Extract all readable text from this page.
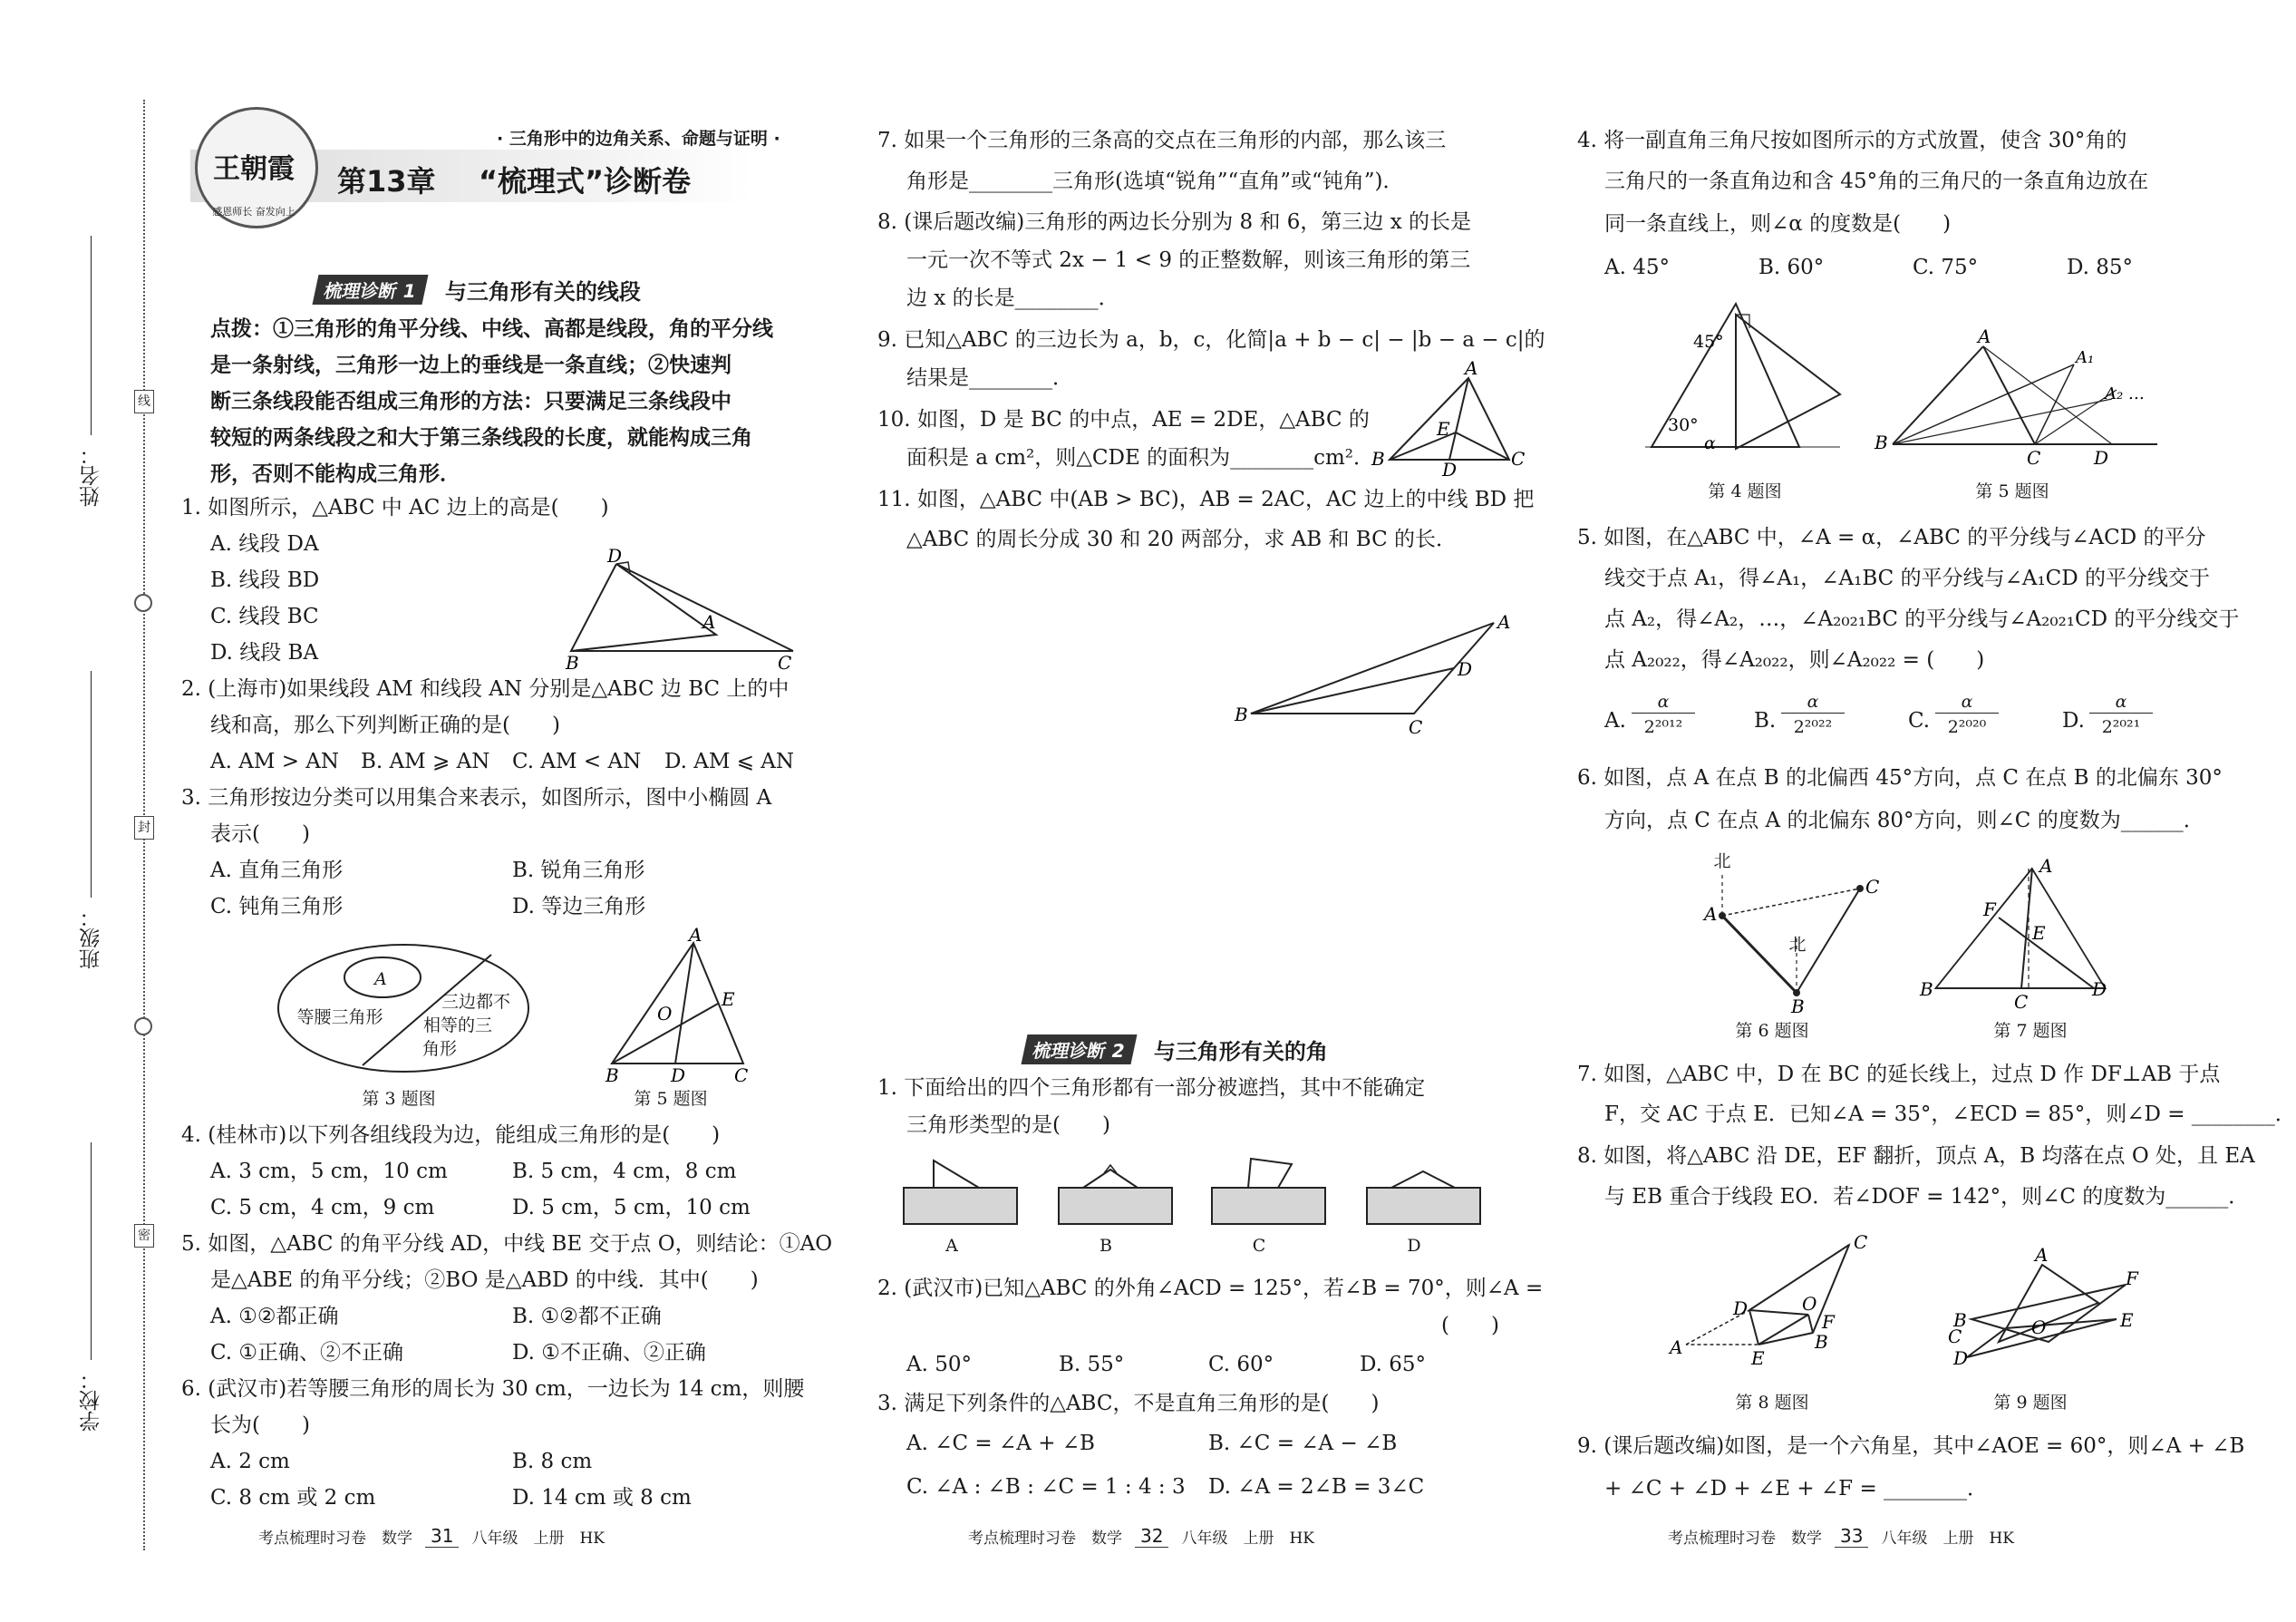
姓名：
班级：
学校：
线
封
密
王朝霞
感恩师长 奋发向上
· 三角形中的边角关系、命题与证明 ·
第13章 “梳理式”诊断卷
梳理诊断 1	与三角形有关的线段
点拨：①三角形的角平分线、中线、高都是线段，角的平分线
是一条射线，三角形一边上的垂线是一条直线；②快速判
断三条线段能否组成三角形的方法：只要满足三条线段中
较短的两条线段之和大于第三条线段的长度，就能构成三角
形，否则不能构成三角形．
1. 如图所示，△ABC 中 AC 边上的高是(　　)
A. 线段 DA
B. 线段 BD
C. 线段 BC
D. 线段 BA
D
A
B	C
2. (上海市)如果线段 AM 和线段 AN 分别是△ABC 边 BC 上的中
线和高，那么下列判断正确的是(　　)
A. AM > AN B. AM ⩾ AN C. AM < AN D. AM ⩽ AN
3. 三角形按边分类可以用集合来表示，如图所示，图中小椭圆 A
表示(　　)
A. 直角三角形	B. 锐角三角形
C. 钝角三角形	D. 等边三角形
A
等腰三角形
三边都不
相等的三
角形
第 3 题图
A
O
E
B	D	C
第 5 题图
4. (桂林市)以下列各组线段为边，能组成三角形的是(　　)
A. 3 cm，5 cm，10 cm	B. 5 cm，4 cm，8 cm
C. 5 cm，4 cm，9 cm	D. 5 cm，5 cm，10 cm
5. 如图，△ABC 的角平分线 AD，中线 BE 交于点 O，则结论：①AO
是△ABE 的角平分线；②BO 是△ABD 的中线．其中(　　)
A. ①②都正确	B. ①②都不正确
C. ①正确、②不正确	D. ①不正确、②正确
6. (武汉市)若等腰三角形的周长为 30 cm，一边长为 14 cm，则腰
长为(　　)
A. 2 cm	B. 8 cm
C. 8 cm 或 2 cm	D. 14 cm 或 8 cm
考点梳理时习卷　数学	31	八年级　上册　HK
7. 如果一个三角形的三条高的交点在三角形的内部，那么该三
角形是________三角形(选填“锐角”“直角”或“钝角”)．
8. (课后题改编)三角形的两边长分别为 8 和 6，第三边 x 的长是
一元一次不等式 2x − 1 < 9 的正整数解，则该三角形的第三
边 x 的长是________．
9. 已知△ABC 的三边长为 a，b，c，化简|a + b − c| − |b − a − c|的
结果是________．
10. 如图，D 是 BC 的中点，AE = 2DE，△ABC 的
面积是 a cm²，则△CDE 的面积为________cm²．
A
E
B	D	C
11. 如图，△ABC 中(AB > BC)，AB = 2AC，AC 边上的中线 BD 把
△ABC 的周长分成 30 和 20 两部分，求 AB 和 BC 的长．
A
D
B
C
梳理诊断 2	与三角形有关的角
1. 下面给出的四个三角形都有一部分被遮挡，其中不能确定
三角形类型的是(　　)
A	B	C	D
2. (武汉市)已知△ABC 的外角∠ACD = 125°，若∠B = 70°，则∠A =
(　　)
A. 50°	B. 55°	C. 60°	D. 65°
3. 满足下列条件的△ABC，不是直角三角形的是(　　)
A. ∠C = ∠A + ∠B	B. ∠C = ∠A − ∠B
C. ∠A : ∠B : ∠C = 1 : 4 : 3 D. ∠A = 2∠B = 3∠C
考点梳理时习卷　数学	32	八年级　上册　HK
4. 将一副直角三角尺按如图所示的方式放置，使含 30°角的
三角尺的一条直角边和含 45°角的三角尺的一条直角边放在
同一条直线上，则∠α 的度数是(　　)
A. 45°	B. 60°	C. 75°	D. 85°
45°
30°
α
第 4 题图
A
A₁
A₂ …
B
C	D
第 5 题图
5. 如图，在△ABC 中，∠A = α，∠ABC 的平分线与∠ACD 的平分
线交于点 A₁，得∠A₁，∠A₁BC 的平分线与∠A₁CD 的平分线交于
点 A₂，得∠A₂，…，∠A₂₀₂₁BC 的平分线与∠A₂₀₂₁CD 的平分线交于
点 A₂₀₂₂，得∠A₂₀₂₂，则∠A₂₀₂₂ = (　　)
A.
α
2²⁰¹²	B.
α
2²⁰²²	C.
α
2²⁰²⁰	D.
α
2²⁰²¹
6. 如图，点 A 在点 B 的北偏西 45°方向，点 C 在点 B 的北偏东 30°
方向，点 C 在点 A 的北偏东 80°方向，则∠C 的度数为______．
A
B
C
北
北
第 6 题图
A
F
E
B
C
D
第 7 题图
7. 如图，△ABC 中，D 在 BC 的延长线上，过点 D 作 DF⊥AB 于点
F，交 AC 于点 E．已知∠A = 35°，∠ECD = 85°，则∠D = ________．
8. 如图，将△ABC 沿 DE，EF 翻折，顶点 A，B 均落在点 O 处，且 EA
与 EB 重合于线段 EO．若∠DOF = 142°，则∠C 的度数为______．
C
D	O
F
A	E
B
第 8 题图
A
F
B	O	E
C
D
第 9 题图
9. (课后题改编)如图，是一个六角星，其中∠AOE = 60°，则∠A + ∠B
+ ∠C + ∠D + ∠E + ∠F = ________．
考点梳理时习卷　数学	33	八年级　上册　HK
